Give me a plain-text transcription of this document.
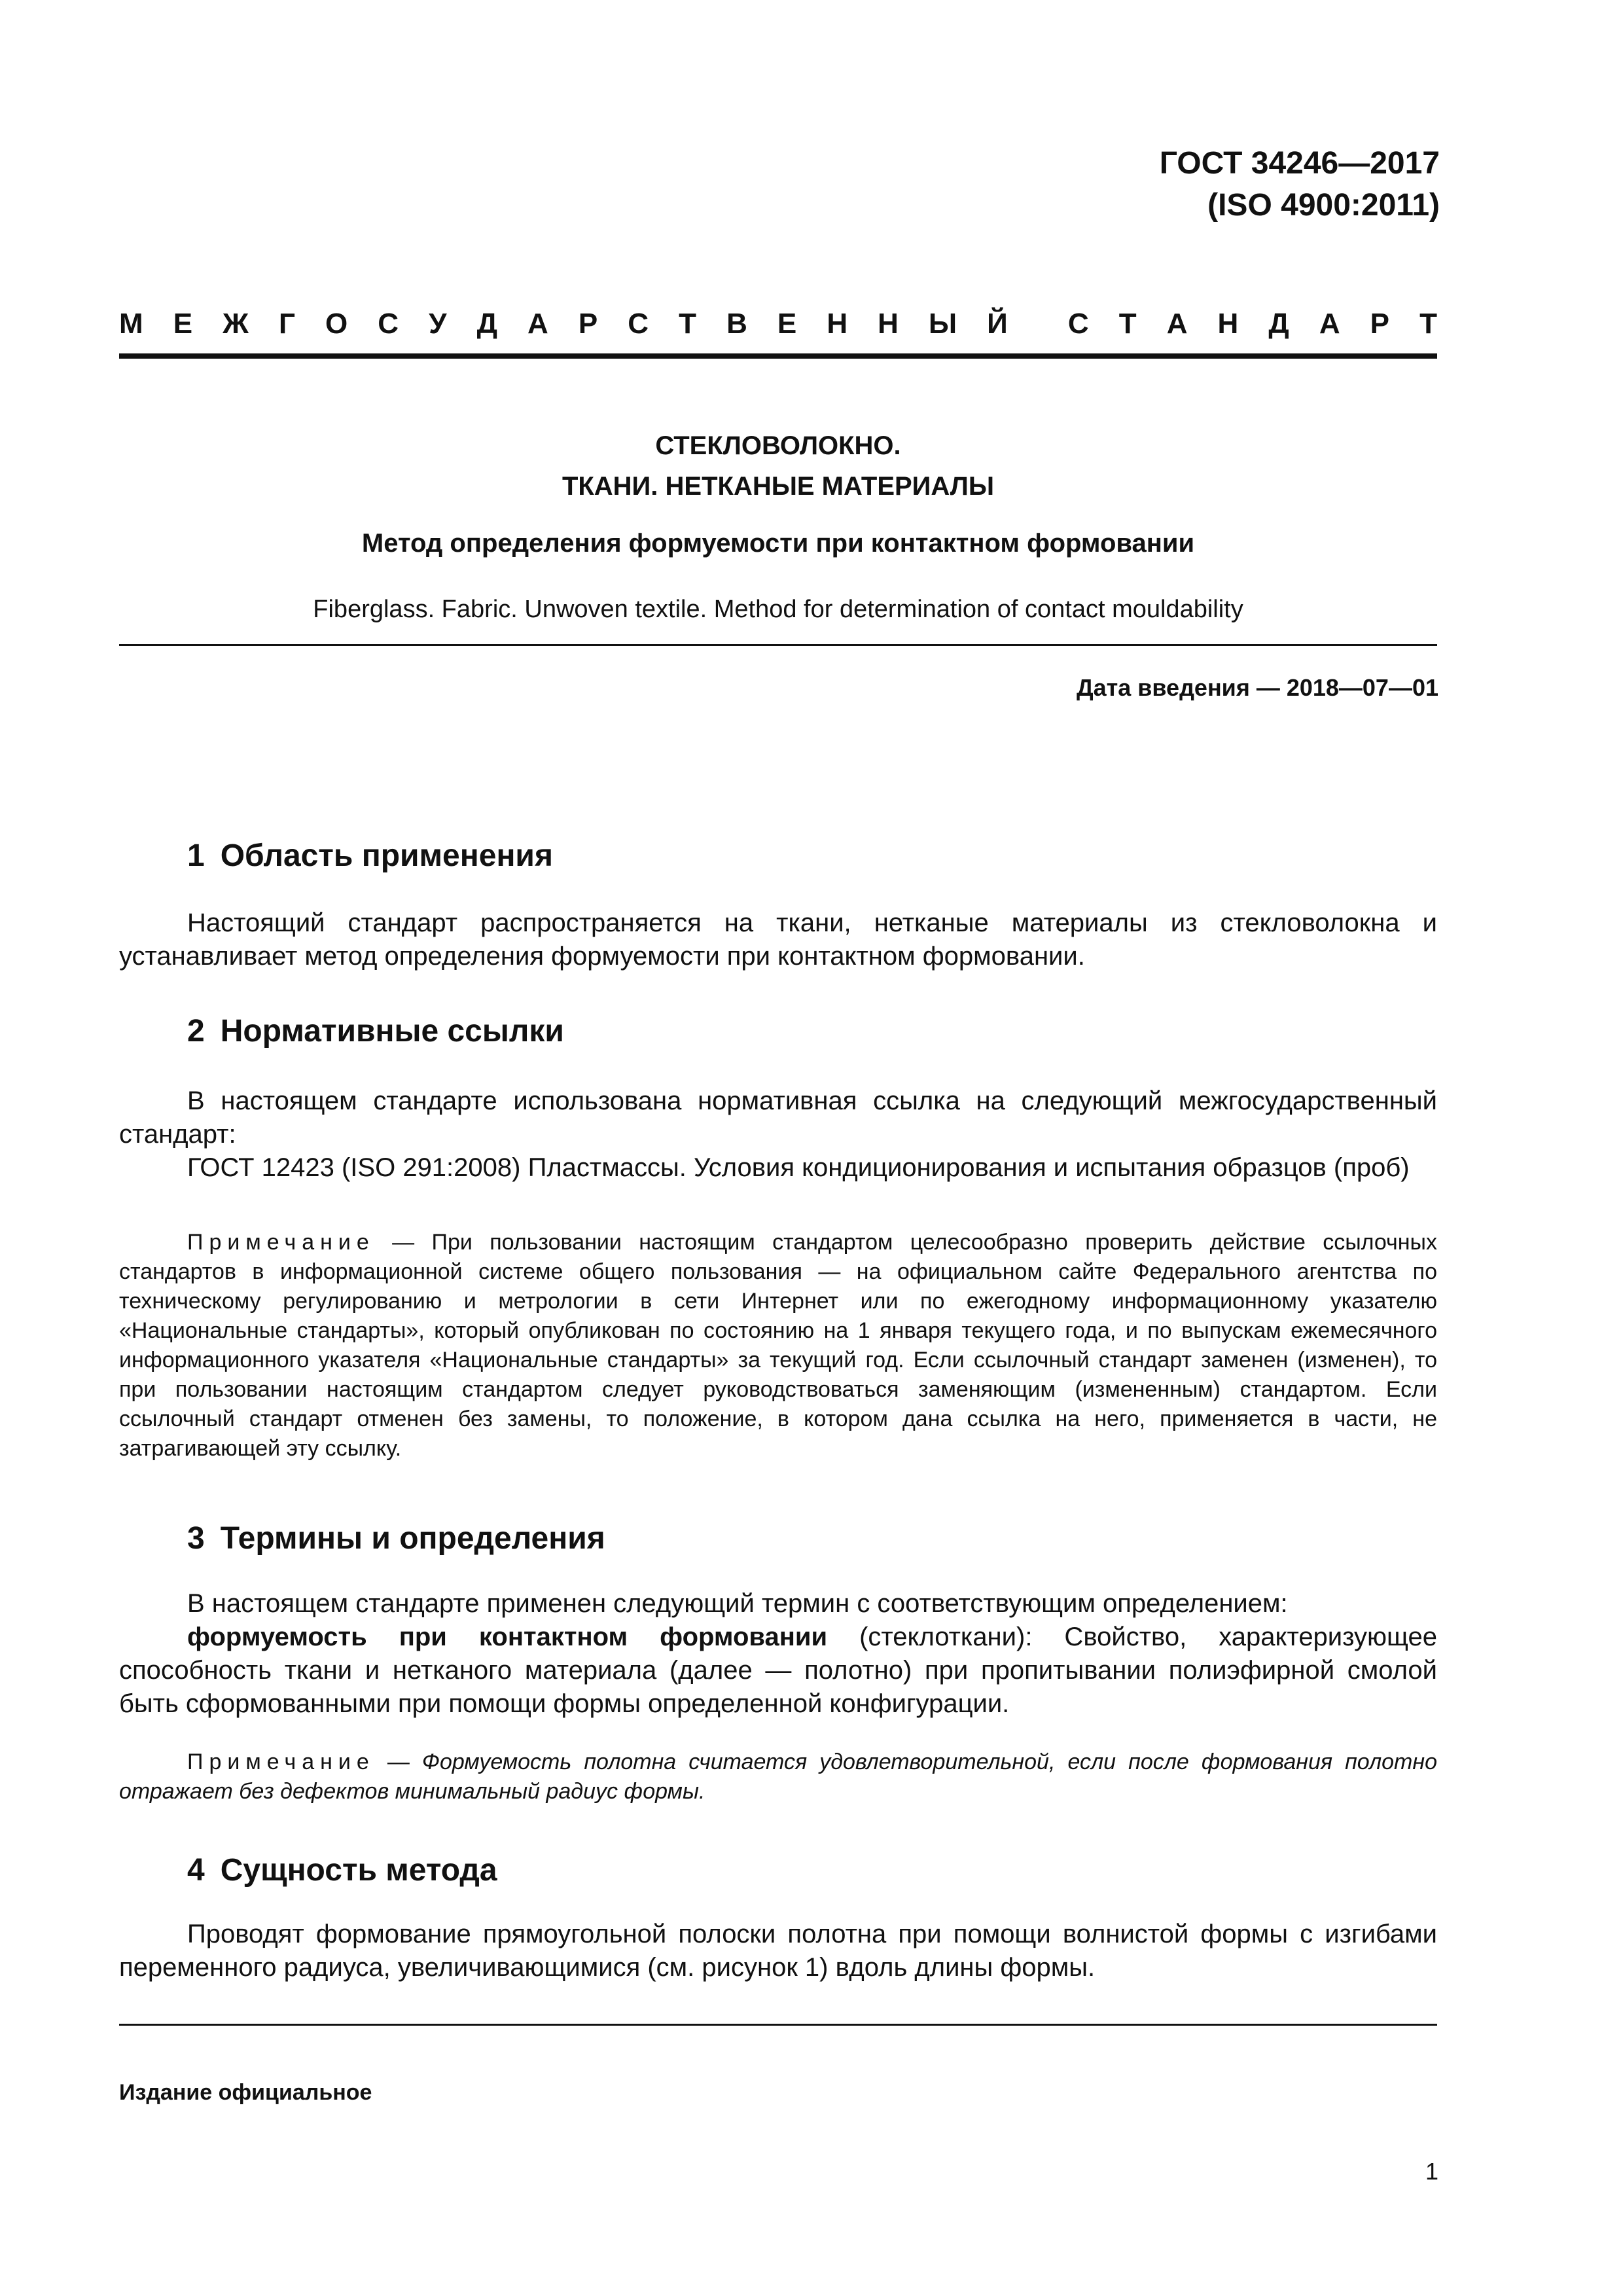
ГОСТ 34246—2017
(ISO 4900:2011)
М Е Ж Г О С У Д А Р С Т В Е Н Н Ы Й С Т А Н Д А Р Т
СТЕКЛОВОЛОКНО.
ТКАНИ. НЕТКАНЫЕ МАТЕРИАЛЫ
Метод определения формуемости при контактном формовании
Fiberglass. Fabric. Unwoven textile. Method for determination of contact mouldability
Дата введения — 2018—07—01
1 Область применения

Настоящий стандарт распространяется на ткани, нетканые материалы из стекловолокна и устанавливает метод определения формуемости при контактном формовании.

2 Нормативные ссылки

В настоящем стандарте использована нормативная ссылка на следующий межгосударственный стандарт:

ГОСТ 12423 (ISO 291:2008) Пластмассы. Условия кондиционирования и испытания образцов (проб)

Примечание — При пользовании настоящим стандартом целесообразно проверить действие ссылочных стандартов в информационной системе общего пользования — на официальном сайте Федерального агентства по техническому регулированию и метрологии в сети Интернет или по ежегодному информационному указателю «Национальные стандарты», который опубликован по состоянию на 1 января текущего года, и по выпускам ежемесячного информационного указателя «Национальные стандарты» за текущий год. Если ссылочный стандарт заменен (изменен), то при пользовании настоящим стандартом следует руководствоваться заменяющим (измененным) стандартом. Если ссылочный стандарт отменен без замены, то положение, в котором дана ссылка на него, применяется в части, не затрагивающей эту ссылку.

3 Термины и определения

В настоящем стандарте применен следующий термин с соответствующим определением:

формуемость при контактном формовании (стеклоткани): Свойство, характеризующее способность ткани и нетканого материала (далее — полотно) при пропитывании полиэфирной смолой быть сформованными при помощи формы определенной конфигурации.

Примечание — Формуемость полотна считается удовлетворительной, если после формования полотно отражает без дефектов минимальный радиус формы.

4 Сущность метода

Проводят формование прямоугольной полоски полотна при помощи волнистой формы с изгибами переменного радиуса, увеличивающимися (см. рисунок 1) вдоль длины формы.

Издание официальное
1
